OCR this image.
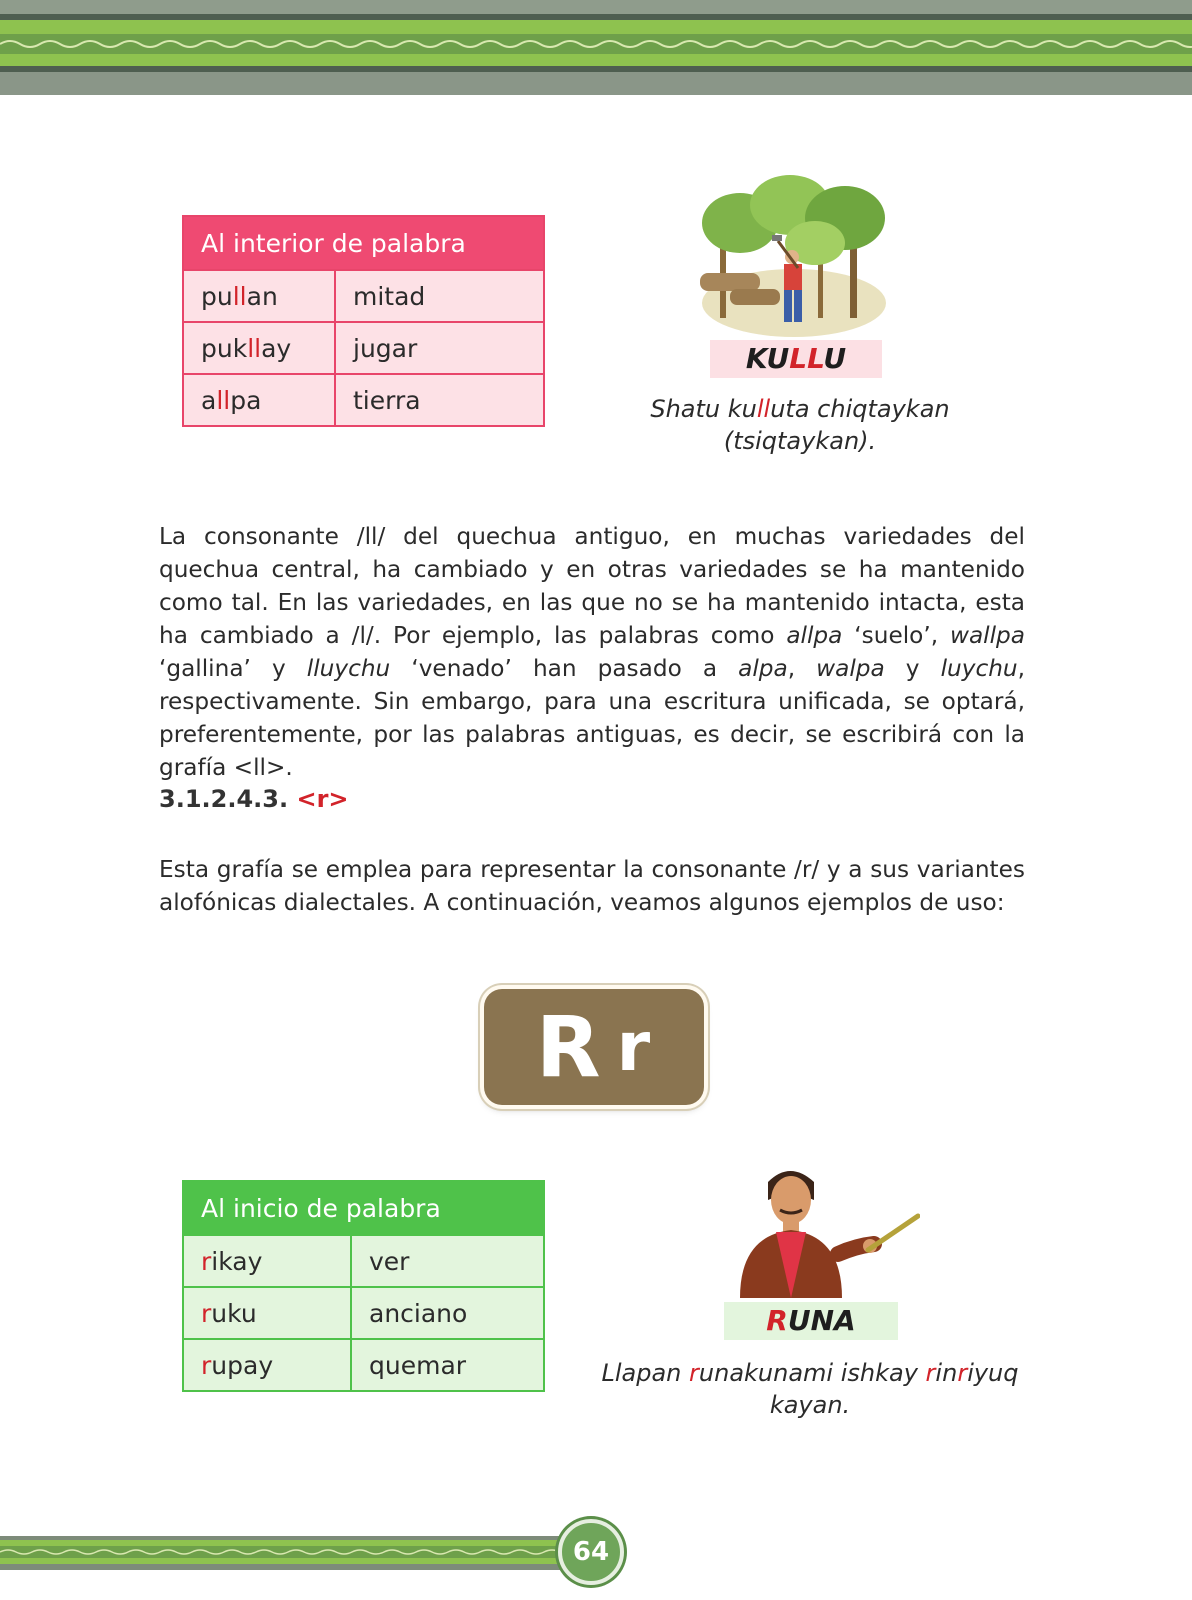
Al interior de palabra	
pullan	mitad
pukllay	jugar
allpa	tierra
KULLU
Shatu kulluta chiqtaykan
(tsiqtaykan).
La consonante /ll/ del quechua antiguo, en muchas variedades del quechua central, ha cambiado y en otras variedades se ha mantenido como tal. En las variedades, en las que no se ha mantenido intacta, esta ha cambiado a /l/. Por ejemplo, las palabras como allpa ‘suelo’, wallpa ‘gallina’ y lluychu ‘venado’ han pasado a alpa, walpa y luychu, respectivamente. Sin embargo, para una escritura unificada, se optará, preferentemente, por las palabras antiguas, es decir, se escribirá con la grafía <ll>.
3.1.2.4.3. <r>
Esta grafía se emplea para representar la consonante /r/ y a sus variantes alofónicas dialectales. A continuación, veamos algunos ejemplos de uso:
R r
Al inicio de palabra	
rikay	ver
ruku	anciano
rupay	quemar
RUNA
Llapan runakunami ishkay rinriyuq
kayan.
64
